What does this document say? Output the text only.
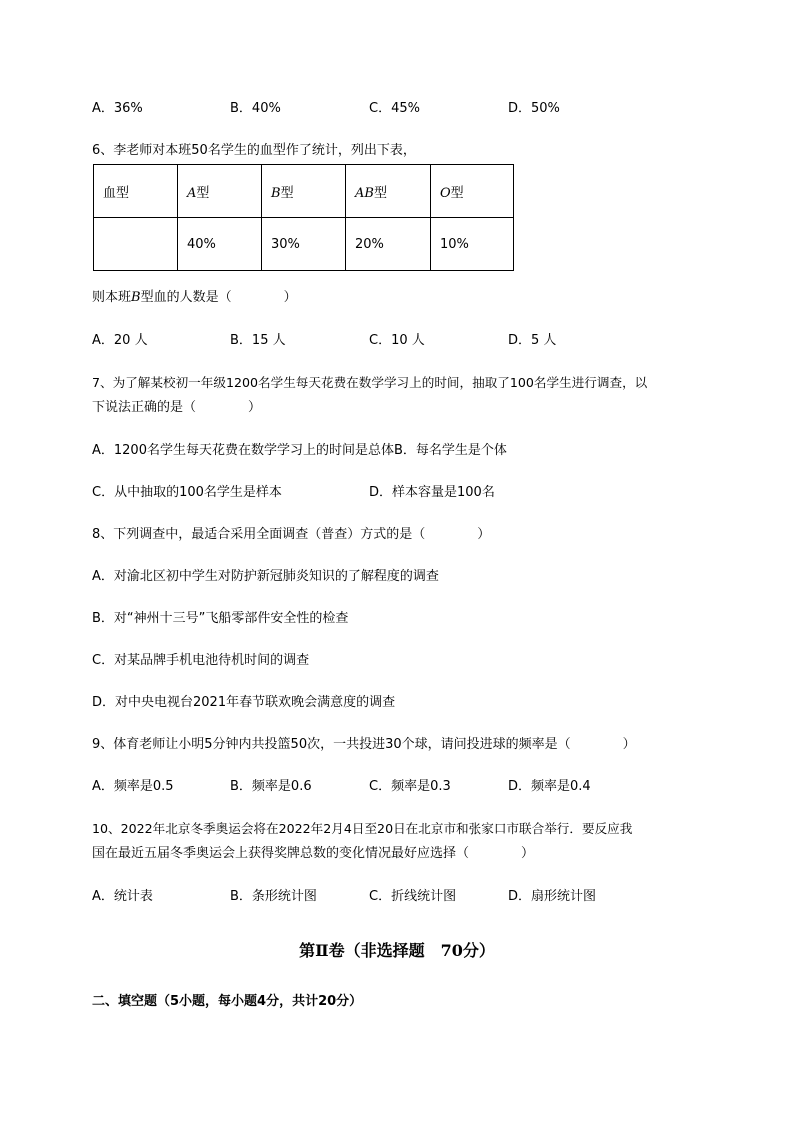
A．36%	B．40%	C．45%	D．50%
6、李老师对本班50名学生的血型作了统计，列出下表，
血型	A型	B型	AB型	O型
	40%	30%	20%	10%
则本班B型血的人数是（　　　　）
A．20 人	B．15 人	C．10 人	D．5 人
7、为了解某校初一年级1200名学生每天花费在数学学习上的时间，抽取了100名学生进行调查，以
下说法正确的是（　　　　）
A．1200名学生每天花费在数学学习上的时间是总体B．每名学生是个体
C．从中抽取的100名学生是样本	D．样本容量是100名
8、下列调查中，最适合采用全面调查（普查）方式的是（　　　　）
A．对渝北区初中学生对防护新冠肺炎知识的了解程度的调查
B．对“神州十三号”飞船零部件安全性的检查
C．对某品牌手机电池待机时间的调查
D．对中央电视台2021年春节联欢晚会满意度的调查
9、体育老师让小明5分钟内共投篮50次，一共投进30个球，请问投进球的频率是（　　　　）
A．频率是0.5	B．频率是0.6	C．频率是0.3	D．频率是0.4
10、2022年北京冬季奥运会将在2022年2月4日至20日在北京市和张家口市联合举行．要反应我
国在最近五届冬季奥运会上获得奖牌总数的变化情况最好应选择（　　　　）
A．统计表	B．条形统计图	C．折线统计图	D．扇形统计图
第Ⅱ卷（非选择题　70分）
二、填空题（5小题，每小题4分，共计20分）
